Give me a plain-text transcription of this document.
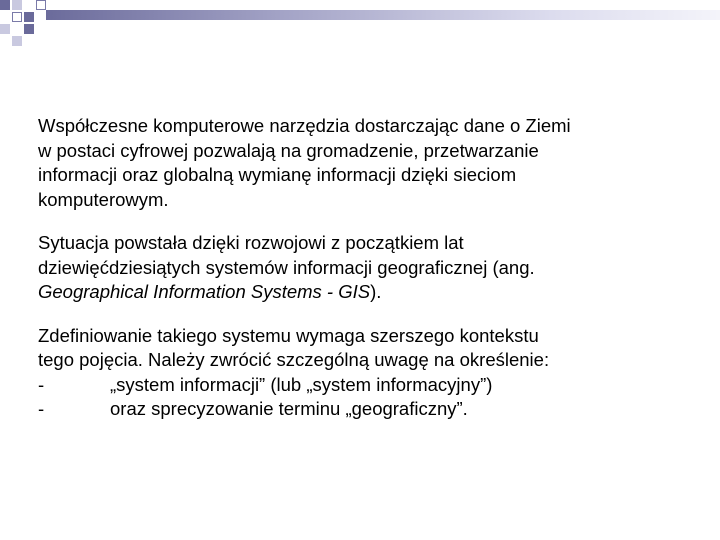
Współczesne komputerowe narzędzia dostarczając dane o Ziemi
w postaci cyfrowej pozwalają na gromadzenie, przetwarzanie
informacji oraz globalną wymianę informacji dzięki sieciom
komputerowym.

Sytuacja powstała dzięki rozwojowi z początkiem lat
dziewięćdziesiątych systemów informacji geograficznej (ang.
Geographical Information Systems - GIS).

Zdefiniowanie takiego systemu wymaga szerszego kontekstu
tego pojęcia. Należy zwrócić szczególną uwagę na określenie:
-	„system informacji” (lub „system informacyjny”)
-	oraz sprecyzowanie terminu „geograficzny”.
